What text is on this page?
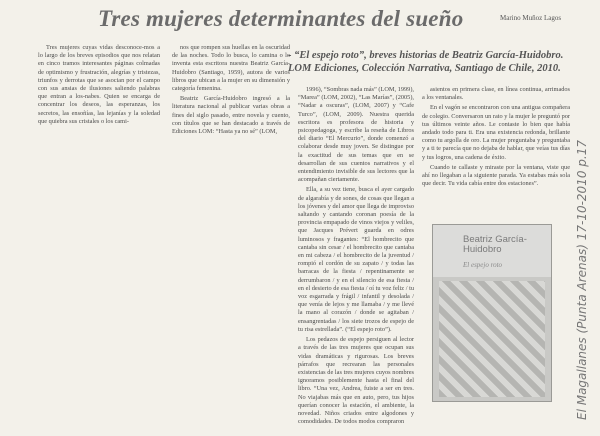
Tres mujeres determinantes del sueño	Marino Muñoz Lagos
- “El espejo roto”, breves historias de Beatriz García-Huidobro.
LOM Ediciones, Colección Narrativa, Santiago de Chile, 2010.

Tres mujeres cuyas vidas desconoce-mos a lo largo de los breves episodios que nos relatan en cinco tramos interesantes páginas colmadas de optimismo y frustración, alegrías y tristezas, triunfos y derrotas que se asocian por el campo con sus ansias de ilusiones saliendo palabras que entran a los-nabes. Quien se encarga de concentrar los deseos, las esperanzas, los secretos, las ensoñías, las lejanías y la soledad que quiebra sus cristales o los cami-

nos que rompen sus huellas en la oscuridad de las noches. Todo lo busca, lo camina o lo inventa esta escritora nuestra Beatriz García-Huidobro (Santiago, 1959), autora de varios libros que ubican a la mujer en su dimensión y categoría femenina.

Beatriz García-Huidobro ingresó a la literatura nacional al publicar varias obras a fines del siglo pasado, entre novela y cuento, con títulos que se han destacado a través de Ediciones LOM: “Hasta ya no sé” (LOM,

1996), “Sombras nada más” (LOM, 1999), “Marea” (LOM, 2002), “Las Marías”, (2005), “Nadar a oscuras”, (LOM, 2007) y “Cafe Turco”, (LOM, 2009). Nuestra querida escritora es profesora de historia y psicopedagoga, y escribe la reseña de Libros del diario “El Mercurio”, donde comenzó a colaborar desde muy joven. Se distingue por la exactitud de sus temas que en se desarrollan de sus cuentos narrativos y el entendimiento invisible de sus lectores que la acompañan ciertamente.

Ella, a su vez tiene, busca el ayer cargado de algarabía y de sones, de cosas que llegan a los jóvenes y del amor que llega de improviso saltando y cantando coronan poesía de la provincia empapado de vinos viejos y veliles, que Jacques Prévert guarda en odres luminosos y fragantes: “El hombrecito que cantaba sin cesar / el hombrecito que cantaba en mi cabeza / el hombrecito de la juventud / rompió el cordón de su zapato / y todas las barracas de la fiesta / repentinamente se derrumbaron / y en el silencio de esa fiesta / en el desierto de esa fiesta / oí tu voz feliz / tu voz esgarrada y frágil / infantil y desolada / que venía de lejos y me llamaba / y me llevé la mano al corazón / donde se agitaban / ensangrentadas / los siete trozos de espejo de tu risa estrellada”. (“El espejo roto”).

Los pedazos de espejo persiguen al lector a través de las tres mujeres que ocupan sus vidas dramáticas y rigurosas. Los breves párrafos que recrearan las personales existencias de las tres mujeres cuyos nombres ignoramos posiblemente hasta el final del libro. “Una vez, Andrea, fuiste a ser en tres. No viajabas más que en auto, pero, tus hijos querían conocer la estación, el ambiente, la novedad. Niños criados entre algodones y comodidades. De todos modos compraron

asientos en primera clase, en línea continua, arrimados a los ventanales.

En el vagón se encontraron con una antigua compañera de colegio. Conversaron un rato y la mujer le preguntó por tus últimos veinte años. Le contaste lo bien que había andado todo para ti. Era una existencia redonda, brillante como tu argolla de oro. La mujer preguntaba y preguntaba y a ti te parecía que no dejaba de hablar, que veías tus días y tus logros, una cadena de éxito.

Cuando te callaste y miraste por la ventana, viste que ahí no llegaban a la siguiente parada. Ya estabas más sola que decir. Tu vida cabía entre dos estaciones”.

Beatriz García-Huidobro
El espejo roto	El Magallanes (Punta Arenas) 17-10-2010 p.17
